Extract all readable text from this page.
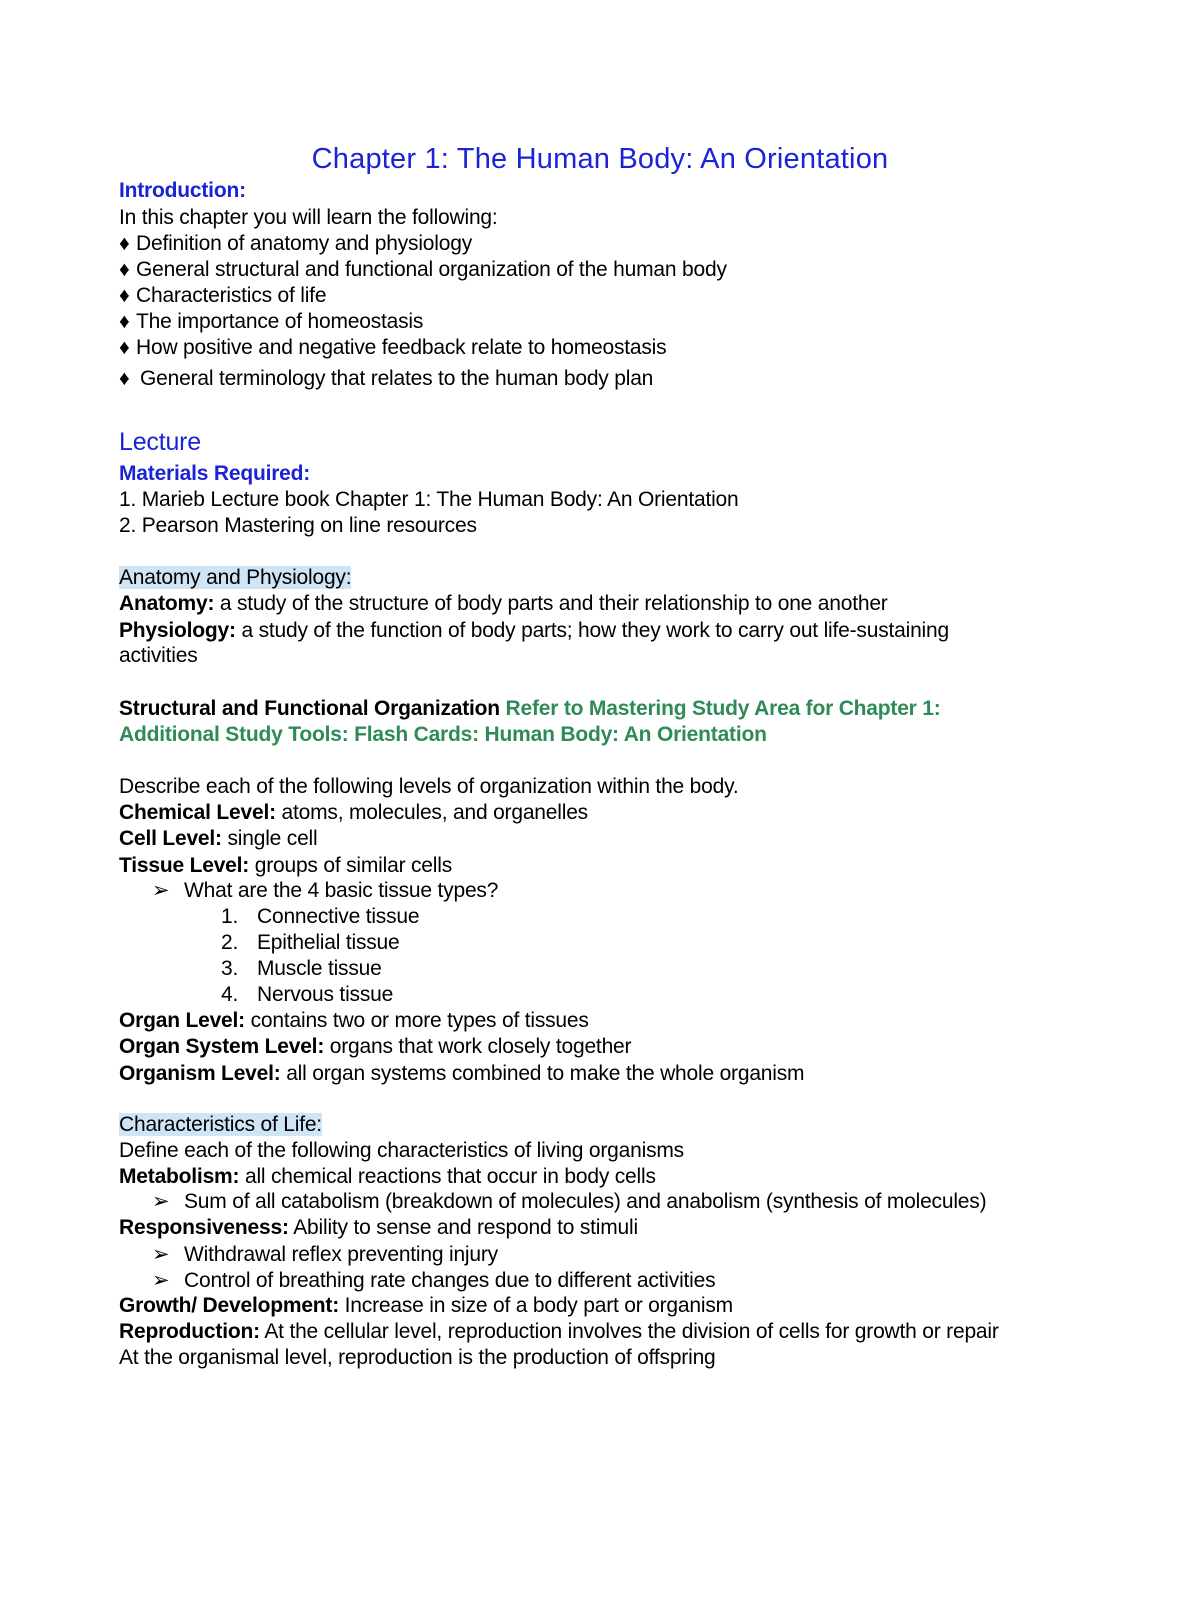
Chapter 1: The Human Body: An Orientation
Introduction:
In this chapter you will learn the following:
♦ Definition of anatomy and physiology
♦ General structural and functional organization of the human body
♦ Characteristics of life
♦ The importance of homeostasis
♦ How positive and negative feedback relate to homeostasis
♦ General terminology that relates to the human body plan
Lecture
Materials Required:
1. Marieb Lecture book Chapter 1: The Human Body: An Orientation
2. Pearson Mastering on line resources
Anatomy and Physiology:
Anatomy: a study of the structure of body parts and their relationship to one another
Physiology: a study of the function of body parts; how they work to carry out life-sustaining
activities
Structural and Functional Organization Refer to Mastering Study Area for Chapter 1:
Additional Study Tools: Flash Cards: Human Body: An Orientation
Describe each of the following levels of organization within the body.
Chemical Level: atoms, molecules, and organelles
Cell Level: single cell
Tissue Level: groups of similar cells
➢ What are the 4 basic tissue types?
1. Connective tissue
2. Epithelial tissue
3. Muscle tissue
4. Nervous tissue
Organ Level: contains two or more types of tissues
Organ System Level: organs that work closely together
Organism Level: all organ systems combined to make the whole organism
Characteristics of Life:
Define each of the following characteristics of living organisms
Metabolism: all chemical reactions that occur in body cells
➢ Sum of all catabolism (breakdown of molecules) and anabolism (synthesis of molecules)
Responsiveness: Ability to sense and respond to stimuli
➢ Withdrawal reflex preventing injury
➢ Control of breathing rate changes due to different activities
Growth/ Development: Increase in size of a body part or organism
Reproduction: At the cellular level, reproduction involves the division of cells for growth or repair
At the organismal level, reproduction is the production of offspring
